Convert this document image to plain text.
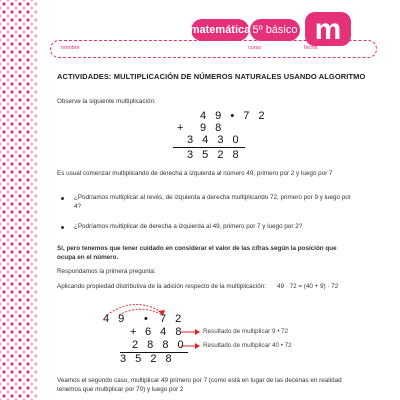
matemática 5º básico m
nombre	curso	fecha
ACTIVIDADES: MULTIPLICACIÓN DE NÚMEROS NATURALES USANDO ALGORITMO
Observe la siguiente multiplicación:
4 9 • 7 2
+ 9 8
3 4 3 0
3 5 2 8
Es usual comenzar multiplicando de derecha a izquierda al número 49, primero por 2 y luego por 7
¿Podríamos multiplicar al revés, de izquierda a derecha multiplicando 72, primero por 9 y luego por
4?
¿Podríamos multiplicar de derecha a izquierda al 49, primero por 7 y luego por 2?
Si, pero tenemos que tener cuidado en considerar el valor de las cifras según la posición que
ocupa en el número.
Respondamos la primera pregunta:
Aplicando propiedad distributiva de la adición respecto de la multiplicación: 49 · 72 = (40 + 9) · 72
4 9 • 7 2
+ 6 4 8
2 8 8 0
3 5 2 8
Resultado de multiplicar 9 • 72
Resultado de multiplicar 40 • 72
Veamos el segundo caso, multiplicar 49 primero por 7 (como está en lugar de las decenas en realidad
tenemos que multiplicar por 70) y luego por 2
